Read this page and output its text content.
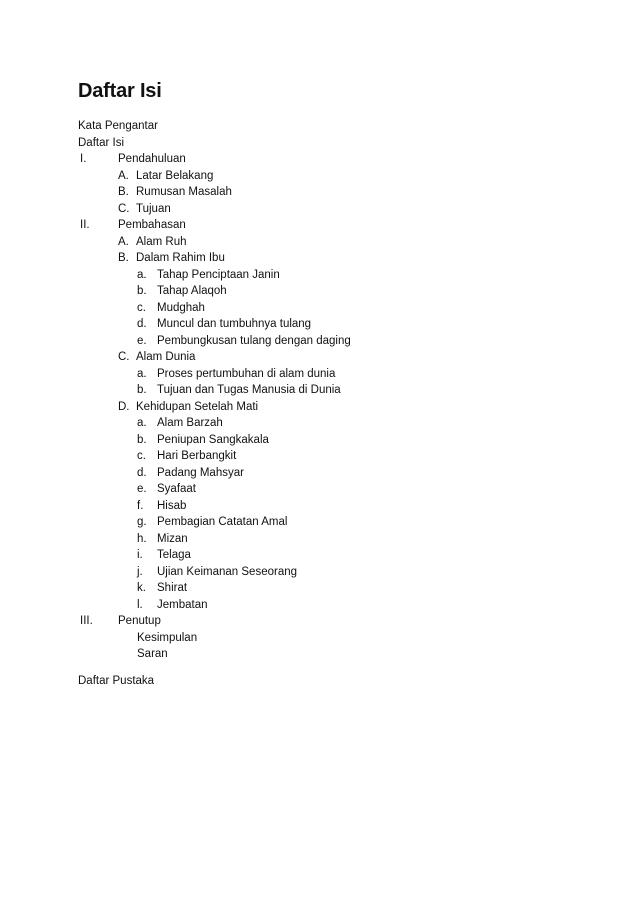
Daftar Isi
Kata Pengantar
Daftar Isi
I.	Pendahuluan
A. Latar Belakang
B. Rumusan Masalah
C. Tujuan
II. Pembahasan
A. Alam Ruh
B. Dalam Rahim Ibu
a. Tahap Penciptaan Janin
b. Tahap Alaqoh
c. Mudghah
d. Muncul dan tumbuhnya tulang
e. Pembungkusan tulang dengan daging
C. Alam Dunia
a. Proses pertumbuhan di alam dunia
b. Tujuan dan Tugas Manusia di Dunia
D. Kehidupan Setelah Mati
a. Alam Barzah
b. Peniupan Sangkakala
c. Hari Berbangkit
d. Padang Mahsyar
e. Syafaat
f. Hisab
g. Pembagian Catatan Amal
h. Mizan
i. Telaga
j. Ujian Keimanan Seseorang
k. Shirat
l. Jembatan
III. Penutup
Kesimpulan
Saran
Daftar Pustaka
